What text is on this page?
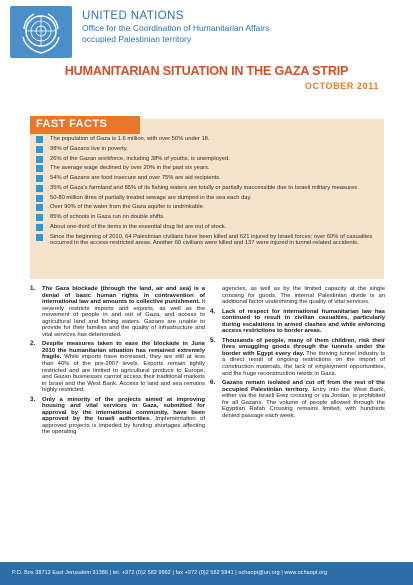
UNITED NATIONS
Office for the Coordination of Humanitarian Affairs
occupied Palestinian territory
HUMANITARIAN SITUATION IN THE GAZA STRIP
OCTOBER 2011
FAST FACTS
The population of Gaza is 1.6 million, with over 50% under 18.
38% of Gazans live in poverty.
26% of the Gazan workforce, including 38% of youths, is unemployed.
The average wage declined by over 20% in the past six years.
54% of Gazans are food insecure and over 75% are aid recipients.
35% of Gaza's farmland and 85% of its fishing waters are totally or partially inaccessible due to Israeli military measures.
50-80 million litres of partially treated sewage are dumped in the sea each day.
Over 90% of the water from the Gaza aquifer is undrinkable.
85% of schools in Gaza run on double shifts.
About one-third of the items in the essential drug list are out of stock.
Since the beginning of 2010, 64 Palestinian civilians have been killed and 621 injured by Israeli forces; over 60% of casualties occurred in the access-restricted areas. Another 60 civilians were killed and 137 were injured in tunnel-related accidents.
1. The Gaza blockade (through the land, air and sea) is a denial of basic human rights in contravention of international law and amounts to collective punishment. It severely restricts imports and exports, as well as the movement of people in and out of Gaza, and access to agricultural land and fishing waters. Gazans are unable to provide for their families and the quality of infrastructure and vital services has deteriorated.
2. Despite measures taken to ease the blockade in June 2010 the humanitarian situation has remained extremely fragile. While imports have increased, they are still at less than 40% of the pre-2007 levels. Exports remain tightly restricted and are limited to agricultural produce to Europe, and Gazan businesses cannot access their traditional markets in Israel and the West Bank. Access to land and sea remains highly restricted.
3. Only a minority of the projects aimed at improving housing and vital services in Gaza, submitted for approval by the international community, have been approved by the Israeli authorities. Implementation of approved projects is impeded by funding shortages affecting the operating
agencies, as well as by the limited capacity at the single crossing for goods. The internal Palestinian divide is an additional factor undermining the quality of vital services.
4. Lack of respect for international humanitarian law has continued to result in civilian casualties, particularly during escalations in armed clashes and while enforcing access restrictions to border areas.
5. Thousands of people, many of them children, risk their lives smuggling goods through the tunnels under the border with Egypt every day. The thriving tunnel industry is a direct result of ongoing restrictions on the import of construction materials, the lack of employment opportunities, and the huge reconstruction needs in Gaza.
6. Gazans remain isolated and cut off from the rest of the occupied Palestinian territory. Entry into the West Bank, either via the Israeli Erez crossing or via Jordan, is prohibited for all Gazans. The volume of people allowed through the Egyptian Rafah Crossing remains limited, with hundreds denied passage each week.
P.O. Box 38712 East Jerusalem 91386 | tel. +972 (0)2 582 9962 | fax +972 (0)2 582 5841 | ochaopt@un.org | www.ochaopt.org
